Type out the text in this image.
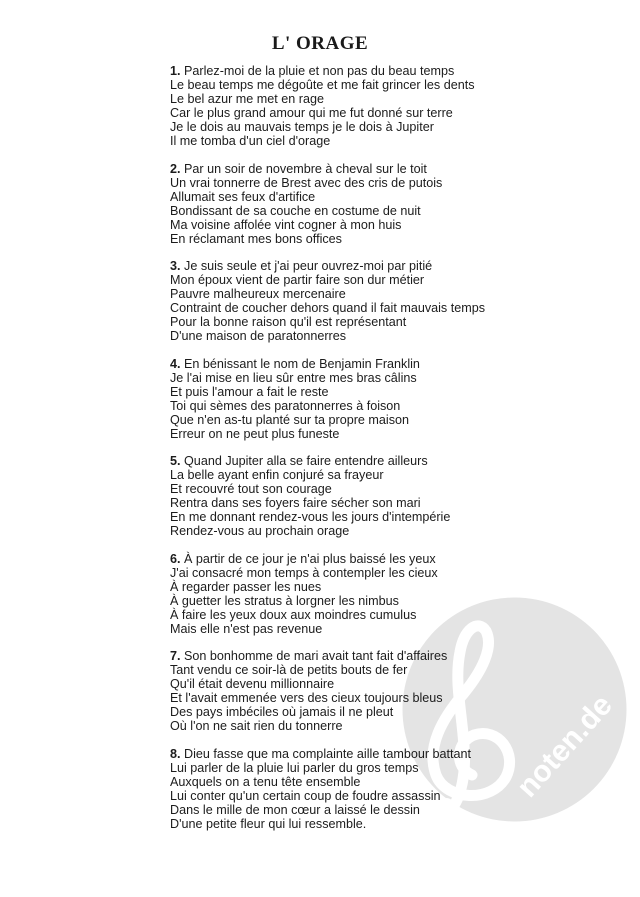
noten.de
L' ORAGE
1. Parlez-moi de la pluie et non pas du beau temps
Le beau temps me dégoûte et me fait grincer les dents
Le bel azur me met en rage
Car le plus grand amour qui me fut donné sur terre
Je le dois au mauvais temps je le dois à Jupiter
Il me tomba d'un ciel d'orage
2. Par un soir de novembre à cheval sur le toit
Un vrai tonnerre de Brest avec des cris de putois
Allumait ses feux d'artifice
Bondissant de sa couche en costume de nuit
Ma voisine affolée vint cogner à mon huis
En réclamant mes bons offices
3. Je suis seule et j'ai peur ouvrez-moi par pitié
Mon époux vient de partir faire son dur métier
Pauvre malheureux mercenaire
Contraint de coucher dehors quand il fait mauvais temps
Pour la bonne raison qu'il est représentant
D'une maison de paratonnerres
4. En bénissant le nom de Benjamin Franklin
Je l'ai mise en lieu sûr entre mes bras câlins
Et puis l'amour a fait le reste
Toi qui sèmes des paratonnerres à foison
Que n'en as-tu planté sur ta propre maison
Erreur on ne peut plus funeste
5. Quand Jupiter alla se faire entendre ailleurs
La belle ayant enfin conjuré sa frayeur
Et recouvré tout son courage
Rentra dans ses foyers faire sécher son mari
En me donnant rendez-vous les jours d'intempérie
Rendez-vous au prochain orage
6. À partir de ce jour je n'ai plus baissé les yeux
J'ai consacré mon temps à contempler les cieux
À regarder passer les nues
À guetter les stratus à lorgner les nimbus
À faire les yeux doux aux moindres cumulus
Mais elle n'est pas revenue
7. Son bonhomme de mari avait tant fait d'affaires
Tant vendu ce soir-là de petits bouts de fer
Qu'il était devenu millionnaire
Et l'avait emmenée vers des cieux toujours bleus
Des pays imbéciles où jamais il ne pleut
Où l'on ne sait rien du tonnerre
8. Dieu fasse que ma complainte aille tambour battant
Lui parler de la pluie lui parler du gros temps
Auxquels on a tenu tête ensemble
Lui conter qu'un certain coup de foudre assassin
Dans le mille de mon cœur a laissé le dessin
D'une petite fleur qui lui ressemble.
